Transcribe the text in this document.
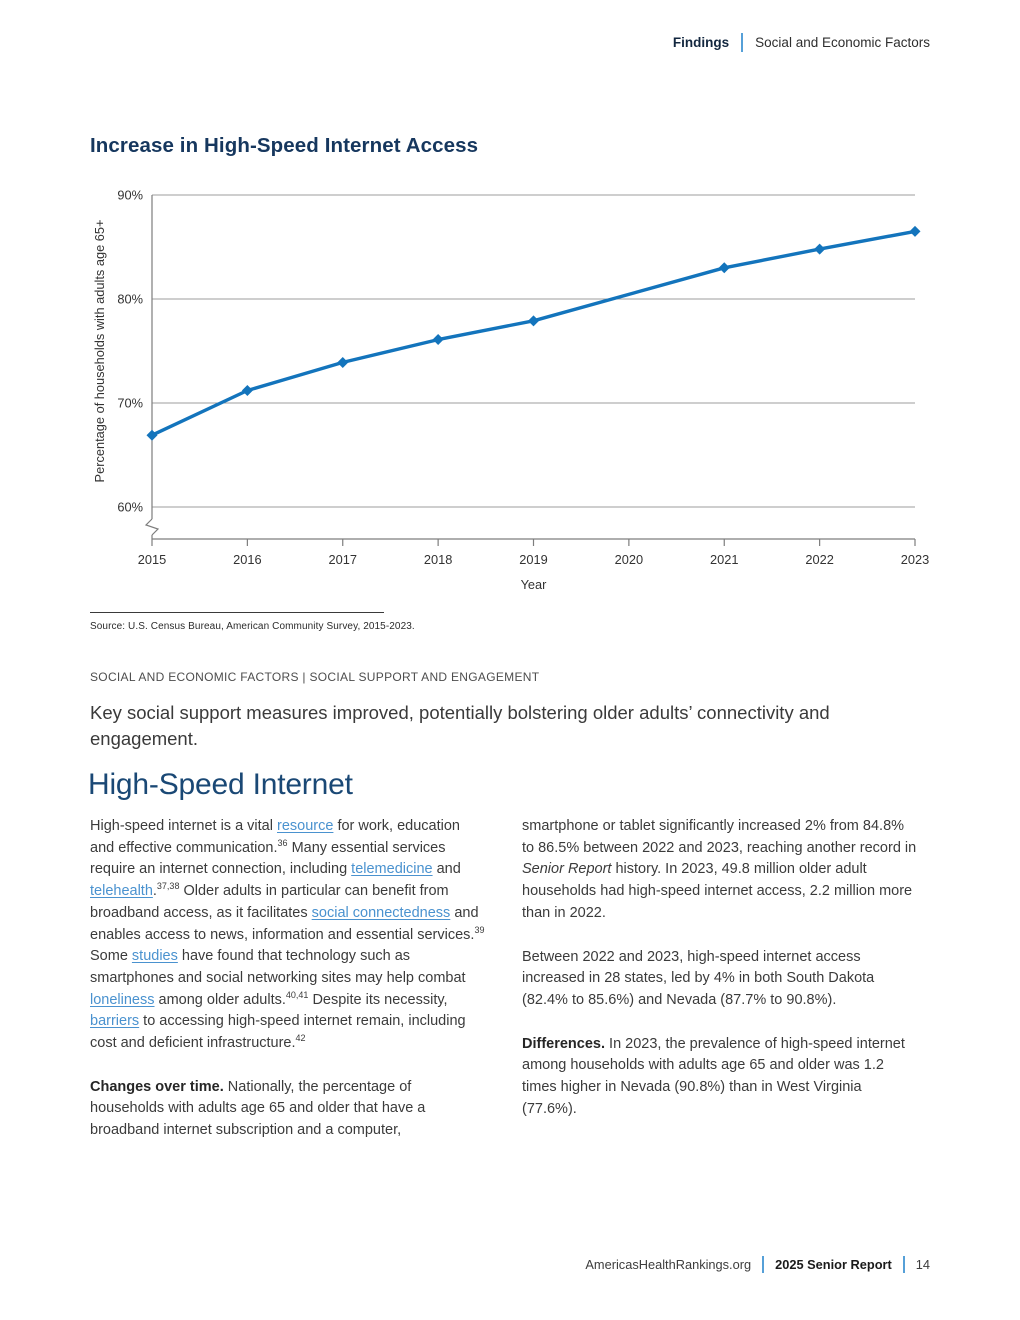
Findings Social and Economic Factors
Increase in High-Speed Internet Access
60%
70%
80%
90%
2015	2016	2017	2018	2019	2020	2021	2022	2023
Year
Percentage of households with adults age 65+
Source: U.S. Census Bureau, American Community Survey, 2015-2023.
SOCIAL AND ECONOMIC FACTORS | SOCIAL SUPPORT AND ENGAGEMENT
Key social support measures improved, potentially bolstering older adults’ connectivity and engagement.
High-Speed Internet

High-speed internet is a vital resource for work, education and effective communication.$^{36}$ Many essential services require an internet connection, including telemedicine and telehealth.$^{37,38}$ Older adults in particular can benefit from broadband access, as it facilitates social connectedness and enables access to news, information and essential services.$^{39}$ Some studies have found that technology such as smartphones and social networking sites may help combat loneliness among older adults.$^{40,41}$ Despite its necessity, barriers to accessing high-speed internet remain, including cost and deficient infrastructure.$^{42}$

Changes over time. Nationally, the percentage of households with adults age 65 and older that have a broadband internet subscription and a computer,

smartphone or tablet significantly increased 2% from 84.8% to 86.5% between 2022 and 2023, reaching another record in Senior Report history. In 2023, 49.8 million older adult households had high-speed internet access, 2.2 million more than in 2022.

Between 2022 and 2023, high-speed internet access increased in 28 states, led by 4% in both South Dakota (82.4% to 85.6%) and Nevada (87.7% to 90.8%).

Differences. In 2023, the prevalence of high-speed internet among households with adults age 65 and older was 1.2 times higher in Nevada (90.8%) than in West Virginia (77.6%).

AmericasHealthRankings.org 2025 Senior Report 14
